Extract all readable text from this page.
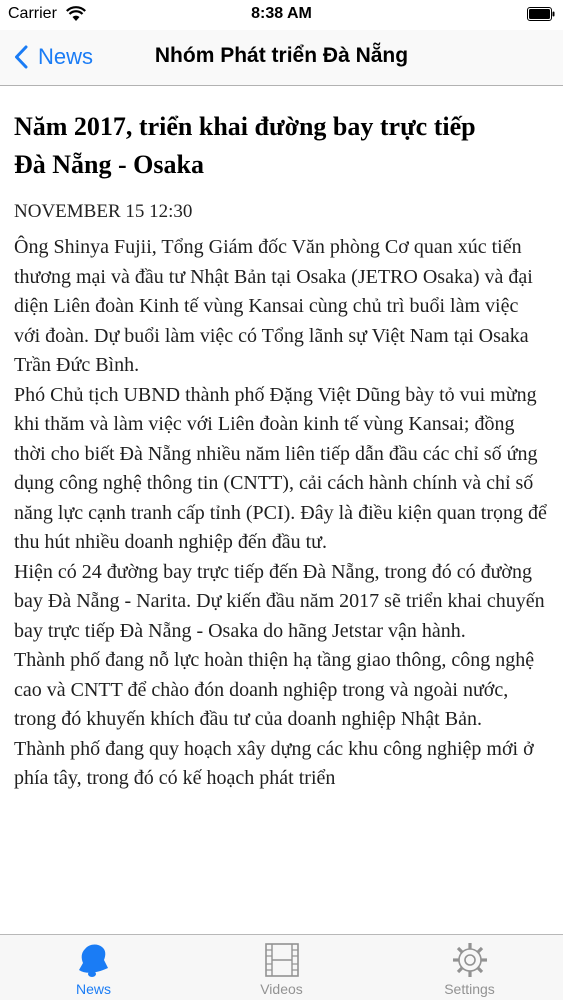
Carrier	8:38 AM
News	Nhóm Phát triển Đà Nẵng
Năm 2017, triển khai đường bay trực tiếp
Đà Nẵng - Osaka
NOVEMBER 15 12:30

Ông Shinya Fujii, Tổng Giám đốc Văn phòng Cơ quan xúc tiến thương mại và đầu tư Nhật Bản tại Osaka (JETRO Osaka) và đại diện Liên đoàn Kinh tế vùng Kansai cùng chủ trì buổi làm việc với đoàn. Dự buổi làm việc có Tổng lãnh sự Việt Nam tại Osaka Trần Đức Bình.

Phó Chủ tịch UBND thành phố Đặng Việt Dũng bày tỏ vui mừng khi thăm và làm việc với Liên đoàn kinh tế vùng Kansai; đồng thời cho biết Đà Nẵng nhiều năm liên tiếp dẫn đầu các chỉ số ứng dụng công nghệ thông tin (CNTT), cải cách hành chính và chỉ số năng lực cạnh tranh cấp tỉnh (PCI). Đây là điều kiện quan trọng để thu hút nhiều doanh nghiệp đến đầu tư.

Hiện có 24 đường bay trực tiếp đến Đà Nẵng, trong đó có đường bay Đà Nẵng - Narita. Dự kiến đầu năm 2017 sẽ triển khai chuyến bay trực tiếp Đà Nẵng - Osaka do hãng Jetstar vận hành.

Thành phố đang nỗ lực hoàn thiện hạ tầng giao thông, công nghệ cao và CNTT để chào đón doanh nghiệp trong và ngoài nước, trong đó khuyến khích đầu tư của doanh nghiệp Nhật Bản.

Thành phố đang quy hoạch xây dựng các khu công nghiệp mới ở phía tây, trong đó có kế hoạch phát triển

News	Videos	Settings
